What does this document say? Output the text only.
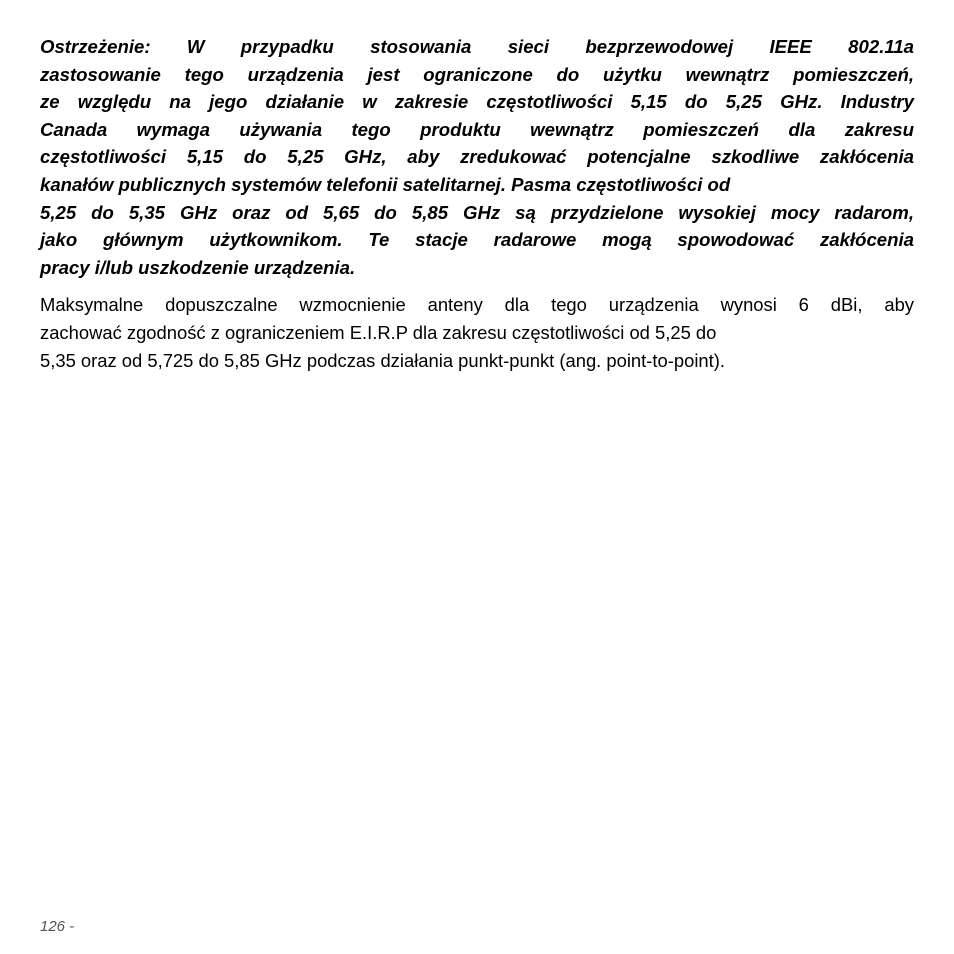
Ostrzeżenie: W przypadku stosowania sieci bezprzewodowej IEEE 802.11a
zastosowanie tego urządzenia jest ograniczone do użytku wewnątrz pomieszczeń,
ze względu na jego działanie w zakresie częstotliwości 5,15 do 5,25 GHz. Industry
Canada wymaga używania tego produktu wewnątrz pomieszczeń dla zakresu
częstotliwości 5,15 do 5,25 GHz, aby zredukować potencjalne szkodliwe zakłócenia
kanałów publicznych systemów telefonii satelitarnej. Pasma częstotliwości od
5,25 do 5,35 GHz oraz od 5,65 do 5,85 GHz są przydzielone wysokiej mocy radarom,
jako głównym użytkownikom. Te stacje radarowe mogą spowodować zakłócenia
pracy i/lub uszkodzenie urządzenia.
Maksymalne dopuszczalne wzmocnienie anteny dla tego urządzenia wynosi 6 dBi, aby
zachować zgodność z ograniczeniem E.I.R.P dla zakresu częstotliwości od 5,25 do
5,35 oraz od 5,725 do 5,85 GHz podczas działania punkt-punkt (ang. point-to-point).
126 -
